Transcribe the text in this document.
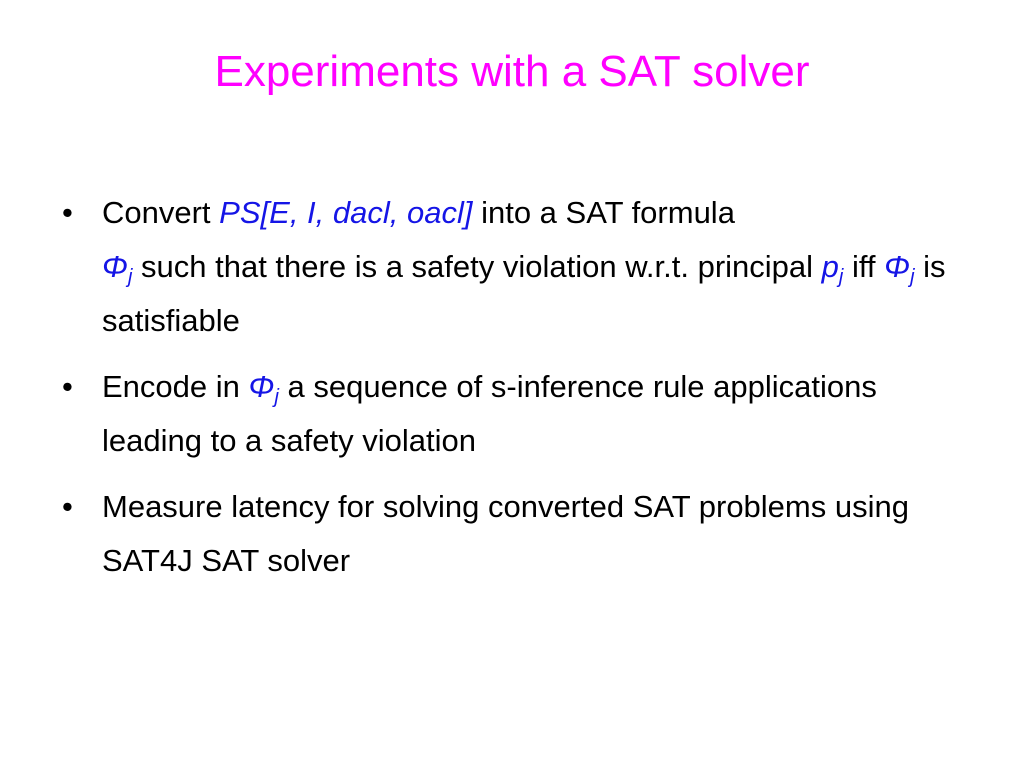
Experiments with a SAT solver
• Convert PS[E, I, dacl, oacl] into a SAT formula
$\Phi_j$ such that there is a safety violation w.r.t. principal $p_j$ iff $\Phi_j$ is satisfiable
• Encode in $\Phi_j$ a sequence of s-inference rule applications leading to a safety violation
• Measure latency for solving converted SAT problems using SAT4J SAT solver
